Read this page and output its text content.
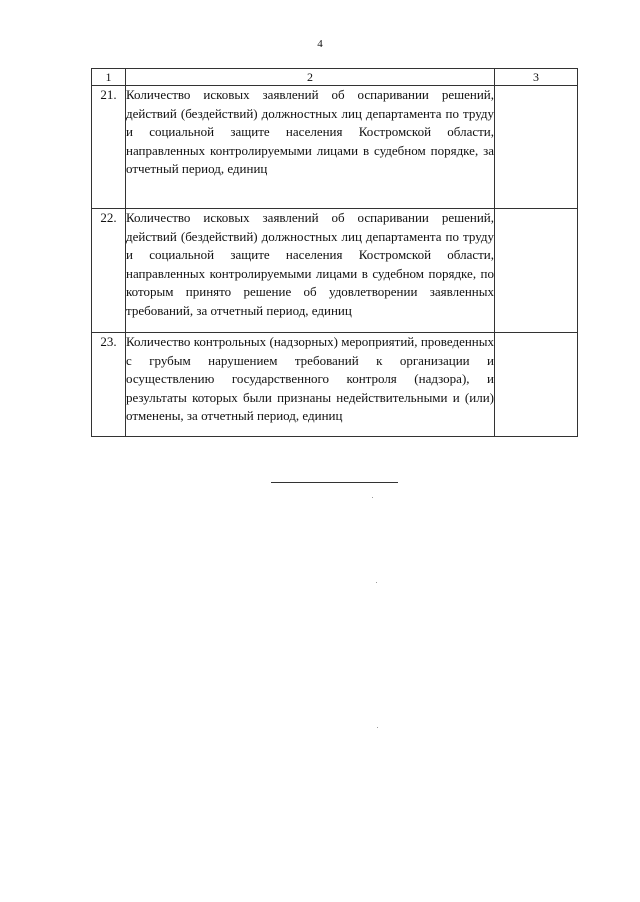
4
1	2	3
21.	Количество исковых заявлений об оспаривании решений, действий (бездействий) должностных лиц департамента по труду и социальной защите населения Костромской области, направленных контролируемыми лицами в судебном порядке, за отчетный период, единиц	
22.	Количество исковых заявлений об оспаривании решений, действий (бездействий) должностных лиц департамента по труду и социальной защите населения Костромской области, направленных контролируемыми лицами в судебном порядке, по которым принято решение об удовлетворении заявленных требований, за отчетный период, единиц	
23.	Количество контрольных (надзорных) мероприятий, проведенных с грубым нарушением требований к организации и осуществлению государственного контроля (надзора), и результаты которых были признаны недействительными и (или) отменены, за отчетный период, единиц	
